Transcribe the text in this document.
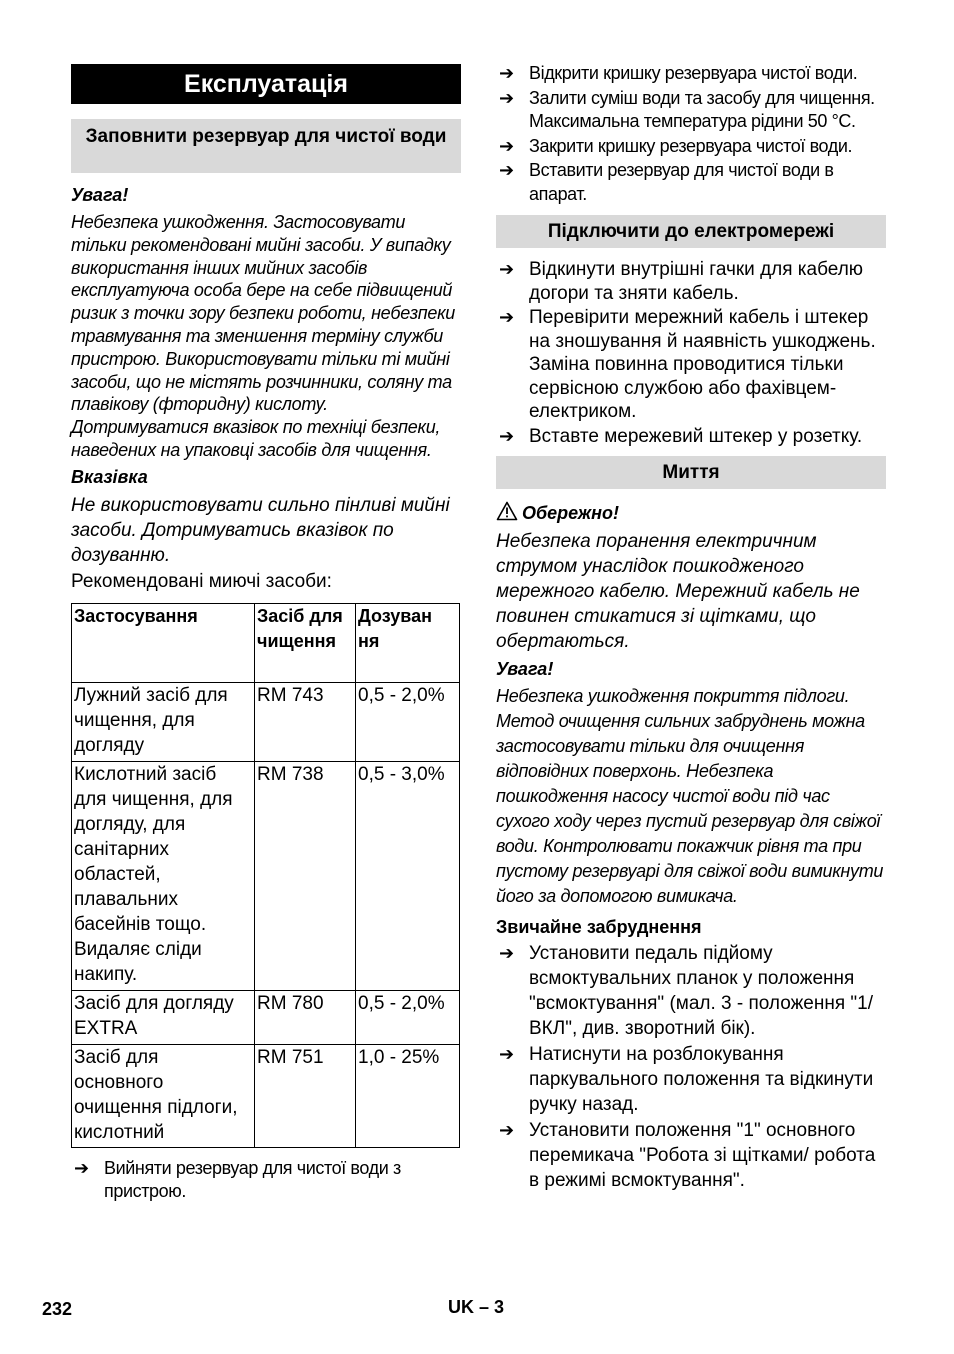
Експлуатація
Заповнити резервуар для чистої води
Увага!
Небезпека ушкодження. Застосовувати тільки рекомендовані мийні засоби. У випадку використання інших мийних засобів експлуатуюча особа бере на себе підвищений ризик з точки зору безпеки роботи, небезпеки травмування та зменшення терміну служби пристрою. Використовувати тільки ті мийні засоби, що не містять розчинники, соляну та плавікову (фторидну) кислоту. Дотримуватися вказівок по техніці безпеки, наведених на упаковці засобів для чищення.
Вказівка
Не використовувати сильно пінливі мийні засоби. Дотримуватись вказівок по дозуванню.
Рекомендовані миючі засоби:
Застосування	Засіб для чищення	Дозуван ня
Лужний засіб для чищення, для догляду	RM 743	0,5 - 2,0%
Кислотний засіб для чищення, для догляду, для санітарних областей, плавальних басейнів тощо. Видаляє сліди накипу.	RM 738	0,5 - 3,0%
Засіб для догляду EXTRA	RM 780	0,5 - 2,0%
Засіб для основного очищення підлоги, кислотний	RM 751	1,0 - 25%
➔ Вийняти резервуар для чистої води з пристрою.
➔ Відкрити кришку резервуара чистої води.
➔ Залити суміш води та засобу для чищення. Максимальна температура рідини 50 °C.
➔ Закрити кришку резервуара чистої води.
➔ Вставити резервуар для чистої води в апарат.
Підключити до електромережі
➔ Відкинути внутрішні гачки для кабелю догори та зняти кабель.
➔ Перевірити мережний кабель і штекер на зношування й наявність ушкоджень. Заміна повинна проводитися тільки сервісною службою або фахівцем-електриком.
➔ Вставте мережевий штекер у розетку.
Миття
Обережно!
Небезпека поранення електричним струмом унаслідок пошкодженого мережного кабелю. Мережний кабель не повинен стикатися зі щітками, що обертаються.
Увага!
Небезпека ушкодження покриття підлоги. Метод очищення сильних забруднень можна застосовувати тільки для очищення відповідних поверхонь. Небезпека пошкодження насосу чистої води під час сухого ходу через пустий резервуар для свіжої води. Контролювати покажчик рівня та при пустому резервуарі для свіжої води вимикнути його за допомогою вимикача.
Звичайне забруднення
➔ Установити педаль підйому всмоктувальних планок у положення "всмоктування" (мал. 3 - положення "1/ВКЛ", див. зворотний бік).
➔ Натиснути на розблокування паркувального положення та відкинути ручку назад.
➔ Установити положення "1" основного перемикача "Робота зі щітками/ робота в режимі всмоктування".
232	UK – 3
